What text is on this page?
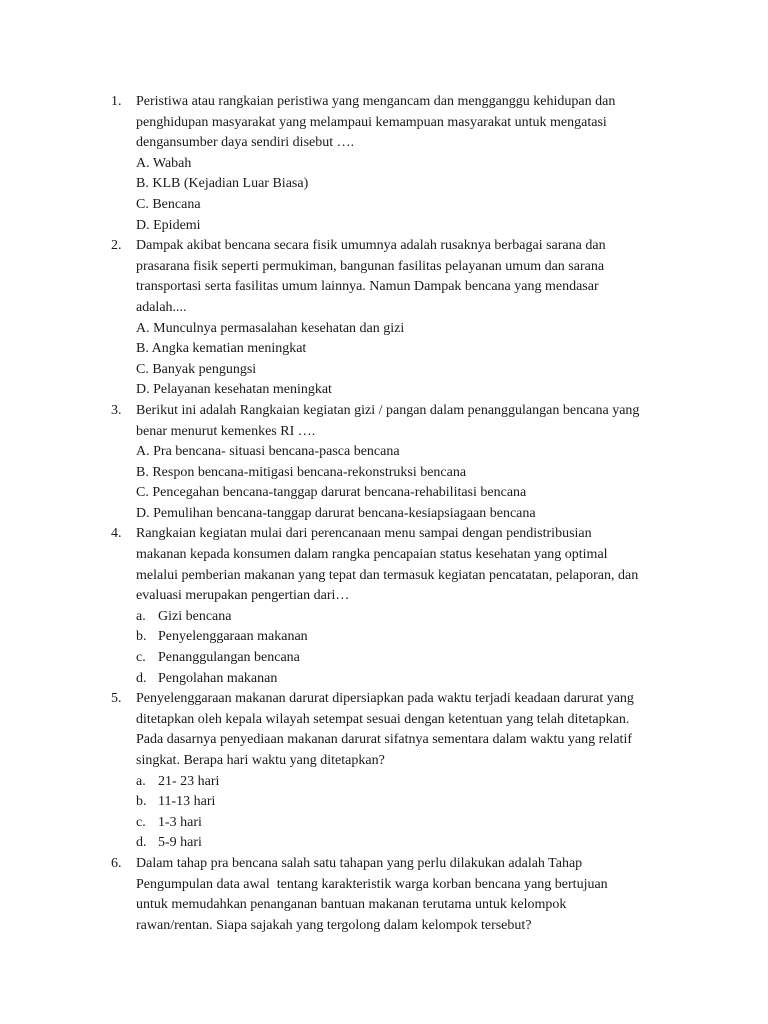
1.	Peristiwa atau rangkaian peristiwa yang mengancam dan mengganggu kehidupan dan
penghidupan masyarakat yang melampaui kemampuan masyarakat untuk mengatasi
dengansumber daya sendiri disebut ….
A. Wabah
B. KLB (Kejadian Luar Biasa)
C. Bencana
D. Epidemi
2.	Dampak akibat bencana secara fisik umumnya adalah rusaknya berbagai sarana dan
prasarana fisik seperti permukiman, bangunan fasilitas pelayanan umum dan sarana
transportasi serta fasilitas umum lainnya. Namun Dampak bencana yang mendasar
adalah....
A. Munculnya permasalahan kesehatan dan gizi
B. Angka kematian meningkat
C. Banyak pengungsi
D. Pelayanan kesehatan meningkat
3.	Berikut ini adalah Rangkaian kegiatan gizi / pangan dalam penanggulangan bencana yang
benar menurut kemenkes RI ….
A. Pra bencana- situasi bencana-pasca bencana
B. Respon bencana-mitigasi bencana-rekonstruksi bencana
C. Pencegahan bencana-tanggap darurat bencana-rehabilitasi bencana
D. Pemulihan bencana-tanggap darurat bencana-kesiapsiagaan bencana
4.	Rangkaian kegiatan mulai dari perencanaan menu sampai dengan pendistribusian
makanan kepada konsumen dalam rangka pencapaian status kesehatan yang optimal
melalui pemberian makanan yang tepat dan termasuk kegiatan pencatatan, pelaporan, dan
evaluasi merupakan pengertian dari…
a. Gizi bencana
b. Penyelenggaraan makanan
c. Penanggulangan bencana
d. Pengolahan makanan
5.	Penyelenggaraan makanan darurat dipersiapkan pada waktu terjadi keadaan darurat yang
ditetapkan oleh kepala wilayah setempat sesuai dengan ketentuan yang telah ditetapkan.
Pada dasarnya penyediaan makanan darurat sifatnya sementara dalam waktu yang relatif
singkat. Berapa hari waktu yang ditetapkan?
a. 21- 23 hari
b. 11-13 hari
c. 1-3 hari
d. 5-9 hari
6.	Dalam tahap pra bencana salah satu tahapan yang perlu dilakukan adalah Tahap
Pengumpulan data awal  tentang karakteristik warga korban bencana yang bertujuan
untuk memudahkan penanganan bantuan makanan terutama untuk kelompok
rawan/rentan. Siapa sajakah yang tergolong dalam kelompok tersebut?
